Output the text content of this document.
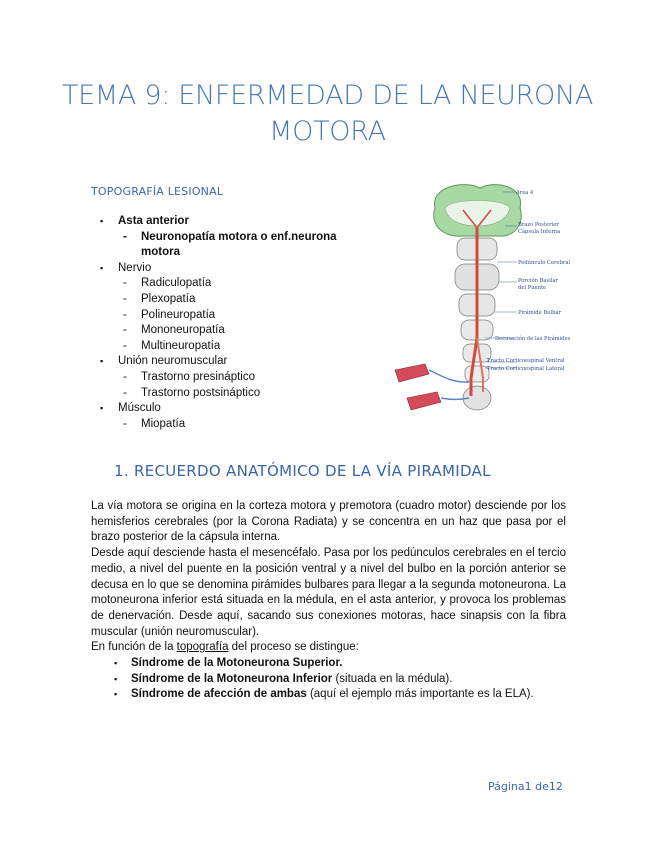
TEMA 9: ENFERMEDAD DE LA NEURONA
MOTORA
TOPOGRAFÍA LESIONAL
▪ Asta anterior
- Neuronopatía motora o enf.neurona
motora
▪ Nervio
- Radiculopatía
- Plexopatía
- Polineuropatía
- Mononeuropatía
- Multineuropatía
▪ Unión neuromuscular
- Trastorno presináptico
- Trastorno postsináptico
▪ Músculo
- Miopatía
Área 4
Brazo Posterior
Cápsula Interna
Pedúnculo Cerebral
Porción Basilar
del Puente
Pirámide Bulbar
Decusación de las Pirámides
Tracto Corticoespinal Ventral
Tracto Corticoespinal Lateral
1. RECUERDO ANATÓMICO DE LA VÍA PIRAMIDAL

La vía motora se origina en la corteza motora y premotora (cuadro motor) desciende por los hemisferios cerebrales (por la Corona Radiata) y se concentra en un haz que pasa por el brazo posterior de la cápsula interna.

Desde aquí desciende hasta el mesencéfalo. Pasa por los pedúnculos cerebrales en el tercio medio, a nivel del puente en la posición ventral y a nivel del bulbo en la porción anterior se decusa en lo que se denomina pirámides bulbares para llegar a la segunda motoneurona. La motoneurona inferior está situada en la médula, en el asta anterior, y provoca los problemas de denervación. Desde aquí, sacando sus conexiones motoras, hace sinapsis con la fibra muscular (unión neuromuscular).

En función de la topografía del proceso se distingue:

▪ Síndrome de la Motoneurona Superior.
▪ Síndrome de la Motoneurona Inferior (situada en la médula).
▪ Síndrome de afección de ambas (aquí el ejemplo más importante es la ELA).
Página1 de12
